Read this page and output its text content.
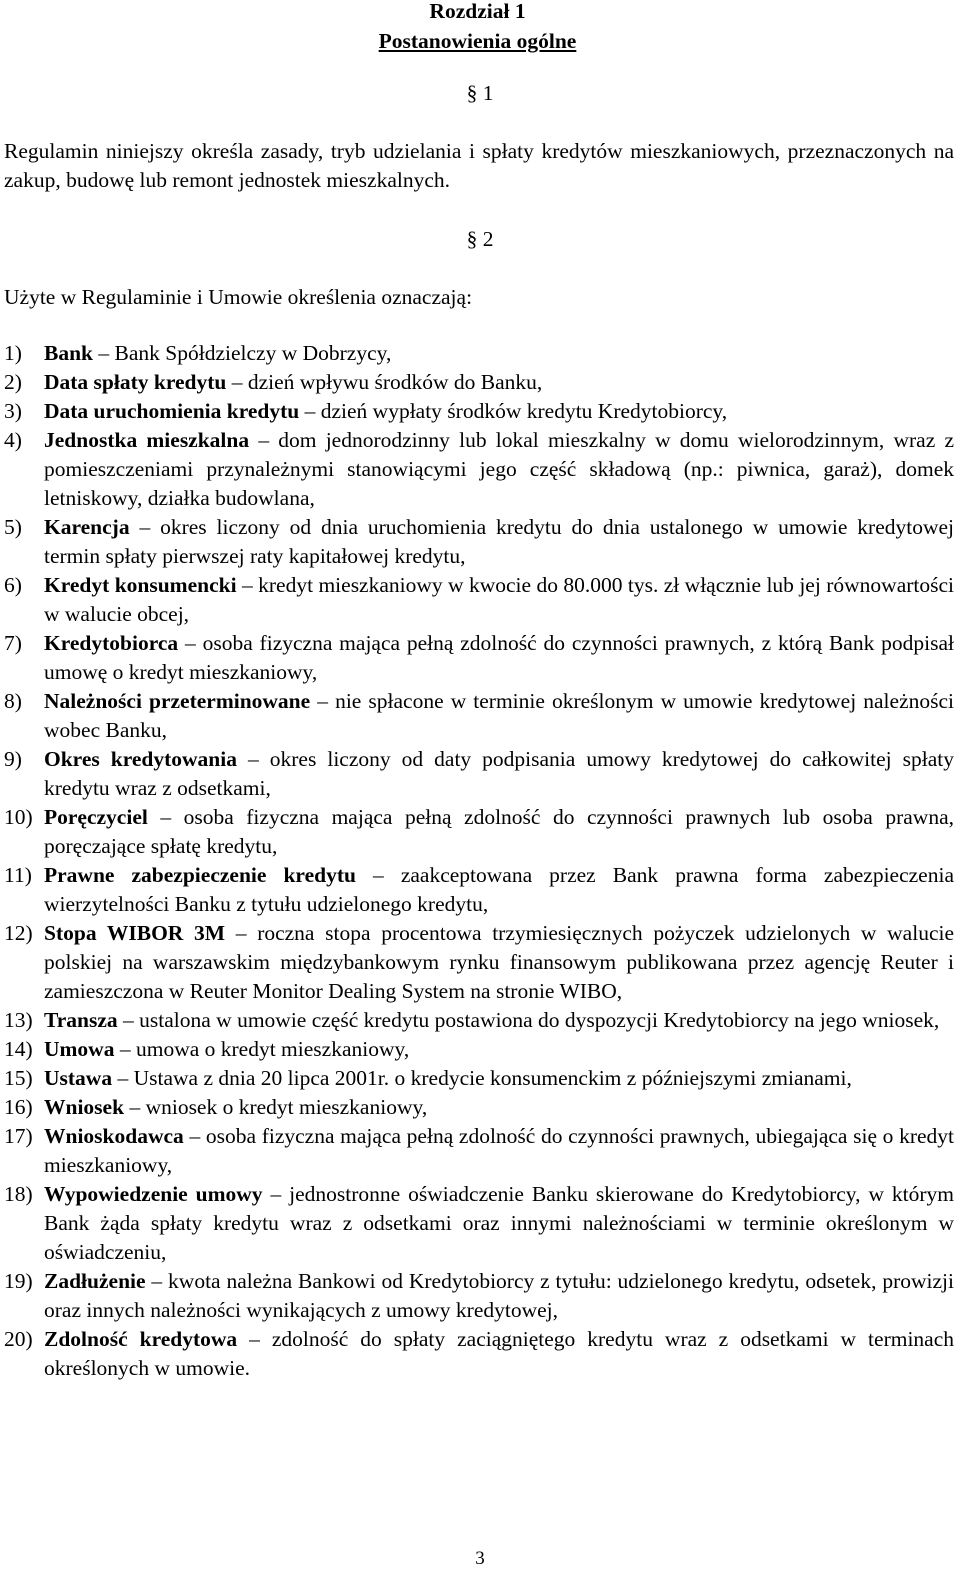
Rozdział 1
Postanowienia ogólne
§ 1
Regulamin niniejszy określa zasady, tryb udzielania i spłaty kredytów mieszkaniowych, przeznaczonych na zakup, budowę lub remont jednostek mieszkalnych.
§ 2
Użyte w Regulaminie i Umowie określenia oznaczają:
1)	Bank – Bank Spółdzielczy w Dobrzycy,
2)	Data spłaty kredytu – dzień wpływu środków do Banku,
3)	Data uruchomienia kredytu – dzień wypłaty środków kredytu Kredytobiorcy,
4)	Jednostka mieszkalna – dom jednorodzinny lub lokal mieszkalny w domu wielorodzinnym, wraz z pomieszczeniami przynależnymi stanowiącymi jego część składową (np.: piwnica, garaż), domek letniskowy, działka budowlana,
5)	Karencja – okres liczony od dnia uruchomienia kredytu do dnia ustalonego w umowie kredytowej termin spłaty pierwszej raty kapitałowej kredytu,
6)	Kredyt konsumencki – kredyt mieszkaniowy w kwocie do 80.000 tys. zł włącznie lub jej równowartości w walucie obcej,
7)	Kredytobiorca – osoba fizyczna mająca pełną zdolność do czynności prawnych, z którą Bank podpisał umowę o kredyt mieszkaniowy,
8)	Należności przeterminowane – nie spłacone w terminie określonym w umowie kredytowej należności wobec Banku,
9)	Okres kredytowania – okres liczony od daty podpisania umowy kredytowej do całkowitej spłaty kredytu wraz z odsetkami,
10) Poręczyciel – osoba fizyczna mająca pełną zdolność do czynności prawnych lub osoba prawna, poręczające spłatę kredytu,
11) Prawne zabezpieczenie kredytu – zaakceptowana przez Bank prawna forma zabezpieczenia wierzytelności Banku z tytułu udzielonego kredytu,
12) Stopa WIBOR 3M – roczna stopa procentowa trzymiesięcznych pożyczek udzielonych w walucie polskiej na warszawskim międzybankowym rynku finansowym publikowana przez agencję Reuter i zamieszczona w Reuter Monitor Dealing System na stronie WIBO,
13) Transza – ustalona w umowie część kredytu postawiona do dyspozycji Kredytobiorcy na jego wniosek,
14) Umowa – umowa o kredyt mieszkaniowy,
15) Ustawa – Ustawa z dnia 20 lipca 2001r. o kredycie konsumenckim z późniejszymi zmianami,
16) Wniosek – wniosek o kredyt mieszkaniowy,
17) Wnioskodawca – osoba fizyczna mająca pełną zdolność do czynności prawnych, ubiegająca się o kredyt mieszkaniowy,
18) Wypowiedzenie umowy – jednostronne oświadczenie Banku skierowane do Kredytobiorcy, w którym Bank żąda spłaty kredytu wraz z odsetkami oraz innymi należnościami w terminie określonym w oświadczeniu,
19) Zadłużenie – kwota należna Bankowi od Kredytobiorcy z tytułu: udzielonego kredytu, odsetek, prowizji oraz innych należności wynikających z umowy kredytowej,
20) Zdolność kredytowa – zdolność do spłaty zaciągniętego kredytu wraz z odsetkami w terminach określonych w umowie.
3
